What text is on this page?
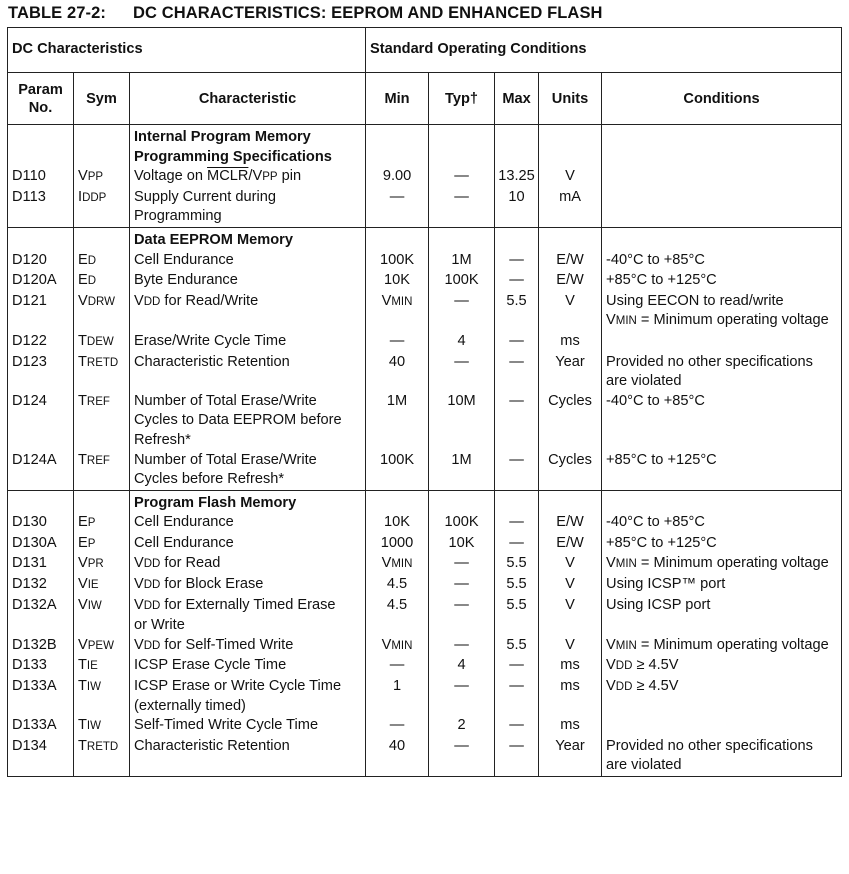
TABLE 27-2: DC CHARACTERISTICS: EEPROM AND ENHANCED FLASH
DC Characteristics			Standard Operating Conditions				
Param
No.	Sym	Characteristic	Min	Typ†	Max	Units	Conditions

		Internal Program Memory
Programming Specifications					

D110	VPP	Voltage on MCLR/VPP pin	9.00	—	13.25	V	
D113	IDDP	Supply Current during
Programming	—	—	10	mA	

		Data EEPROM Memory					

D120	ED	Cell Endurance	100K	1M	—	E/W	-40°C to +85°C

D120A	ED	Byte Endurance	10K	100K	—	E/W	+85°C to +125°C

D121	VDRW	VDD for Read/Write	VMIN	—	5.5	V	Using EECON to read/write
VMIN = Minimum operating voltage

D122	TDEW	Erase/Write Cycle Time	—	4	—	ms	
D123	TRETD	Characteristic Retention	40	—	—	Year	Provided no other specifications
are violated

D124	TREF	Number of Total Erase/Write
Cycles to Data EEPROM before
Refresh*	1M	10M	—	Cycles	-40°C to +85°C

D124A	TREF	Number of Total Erase/Write
Cycles before Refresh*	100K	1M	—	Cycles	+85°C to +125°C

		Program Flash Memory					

D130	EP	Cell Endurance	10K	100K	—	E/W	-40°C to +85°C

D130A	EP	Cell Endurance	1000	10K	—	E/W	+85°C to +125°C

D131	VPR	VDD for Read	VMIN	—	5.5	V	VMIN = Minimum operating voltage

D132	VIE	VDD for Block Erase	4.5	—	5.5	V	Using ICSP™ port

D132A	VIW	VDD for Externally Timed Erase
or Write	4.5	—	5.5	V	Using ICSP port

D132B	VPEW	VDD for Self-Timed Write	VMIN	—	5.5	V	VMIN = Minimum operating voltage

D133	TIE	ICSP Erase Cycle Time	—	4	—	ms	VDD ≥ 4.5V

D133A	TIW	ICSP Erase or Write Cycle Time
(externally timed)	1	—	—	ms	VDD ≥ 4.5V

D133A	TIW	Self-Timed Write Cycle Time	—	2	—	ms	
D134	TRETD	Characteristic Retention	40	—	—	Year	Provided no other specifications
are violated
